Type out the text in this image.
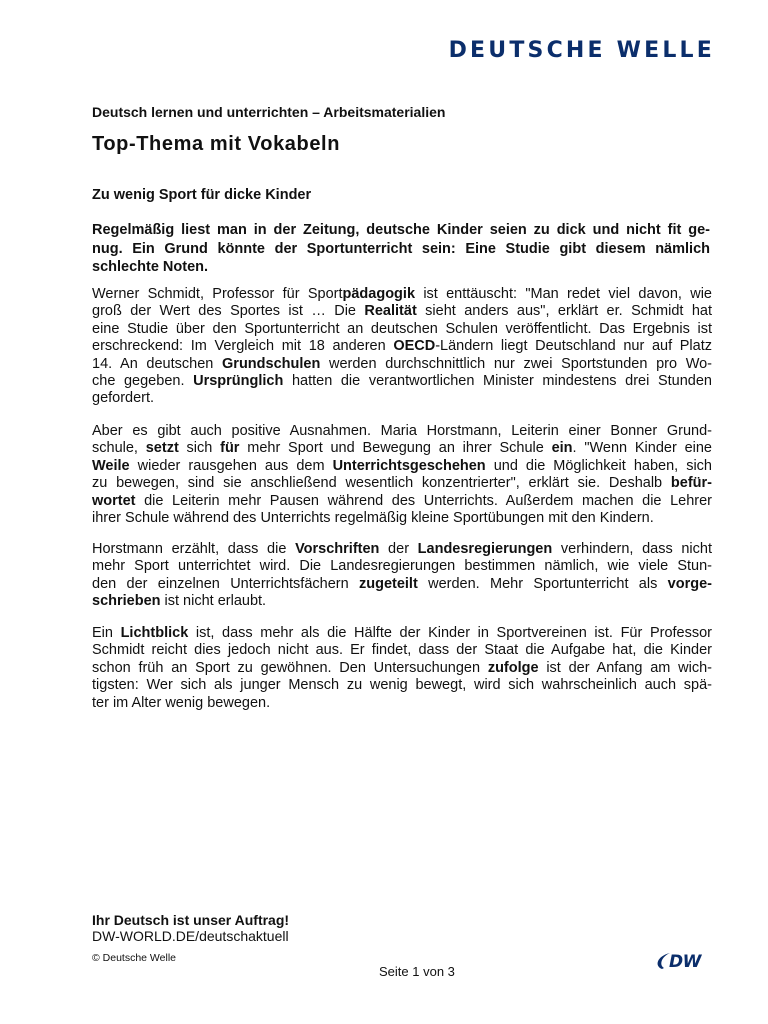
DEUTSCHE WELLE
Deutsch lernen und unterrichten – Arbeitsmaterialien
Top-Thema mit Vokabeln
Zu wenig Sport für dicke Kinder
Regelmäßig liest man in der Zeitung, deutsche Kinder seien zu dick und nicht fit ge-
nug. Ein Grund könnte der Sportunterricht sein: Eine Studie gibt diesem nämlich
schlechte Noten.
Werner Schmidt, Professor für Sportpädagogik ist enttäuscht: "Man redet viel davon, wie
groß der Wert des Sportes ist … Die Realität sieht anders aus", erklärt er. Schmidt hat
eine Studie über den Sportunterricht an deutschen Schulen veröffentlicht. Das Ergebnis ist
erschreckend: Im Vergleich mit 18 anderen OECD-Ländern liegt Deutschland nur auf Platz
14. An deutschen Grundschulen werden durchschnittlich nur zwei Sportstunden pro Wo-
che gegeben. Ursprünglich hatten die verantwortlichen Minister mindestens drei Stunden
gefordert.
Aber es gibt auch positive Ausnahmen. Maria Horstmann, Leiterin einer Bonner Grund-
schule, setzt sich für mehr Sport und Bewegung an ihrer Schule ein. "Wenn Kinder eine
Weile wieder rausgehen aus dem Unterrichtsgeschehen und die Möglichkeit haben, sich
zu bewegen, sind sie anschließend wesentlich konzentrierter", erklärt sie. Deshalb befür-
wortet die Leiterin mehr Pausen während des Unterrichts. Außerdem machen die Lehrer
ihrer Schule während des Unterrichts regelmäßig kleine Sportübungen mit den Kindern.
Horstmann erzählt, dass die Vorschriften der Landesregierungen verhindern, dass nicht
mehr Sport unterrichtet wird. Die Landesregierungen bestimmen nämlich, wie viele Stun-
den der einzelnen Unterrichtsfächern zugeteilt werden. Mehr Sportunterricht als vorge-
schrieben ist nicht erlaubt.
Ein Lichtblick ist, dass mehr als die Hälfte der Kinder in Sportvereinen ist. Für Professor
Schmidt reicht dies jedoch nicht aus. Er findet, dass der Staat die Aufgabe hat, die Kinder
schon früh an Sport zu gewöhnen. Den Untersuchungen zufolge ist der Anfang am wich-
tigsten: Wer sich als junger Mensch zu wenig bewegt, wird sich wahrscheinlich auch spä-
ter im Alter wenig bewegen.
Ihr Deutsch ist unser Auftrag!
DW-WORLD.DE/deutschaktuell
© Deutsche Welle
Seite 1 von 3	DW
